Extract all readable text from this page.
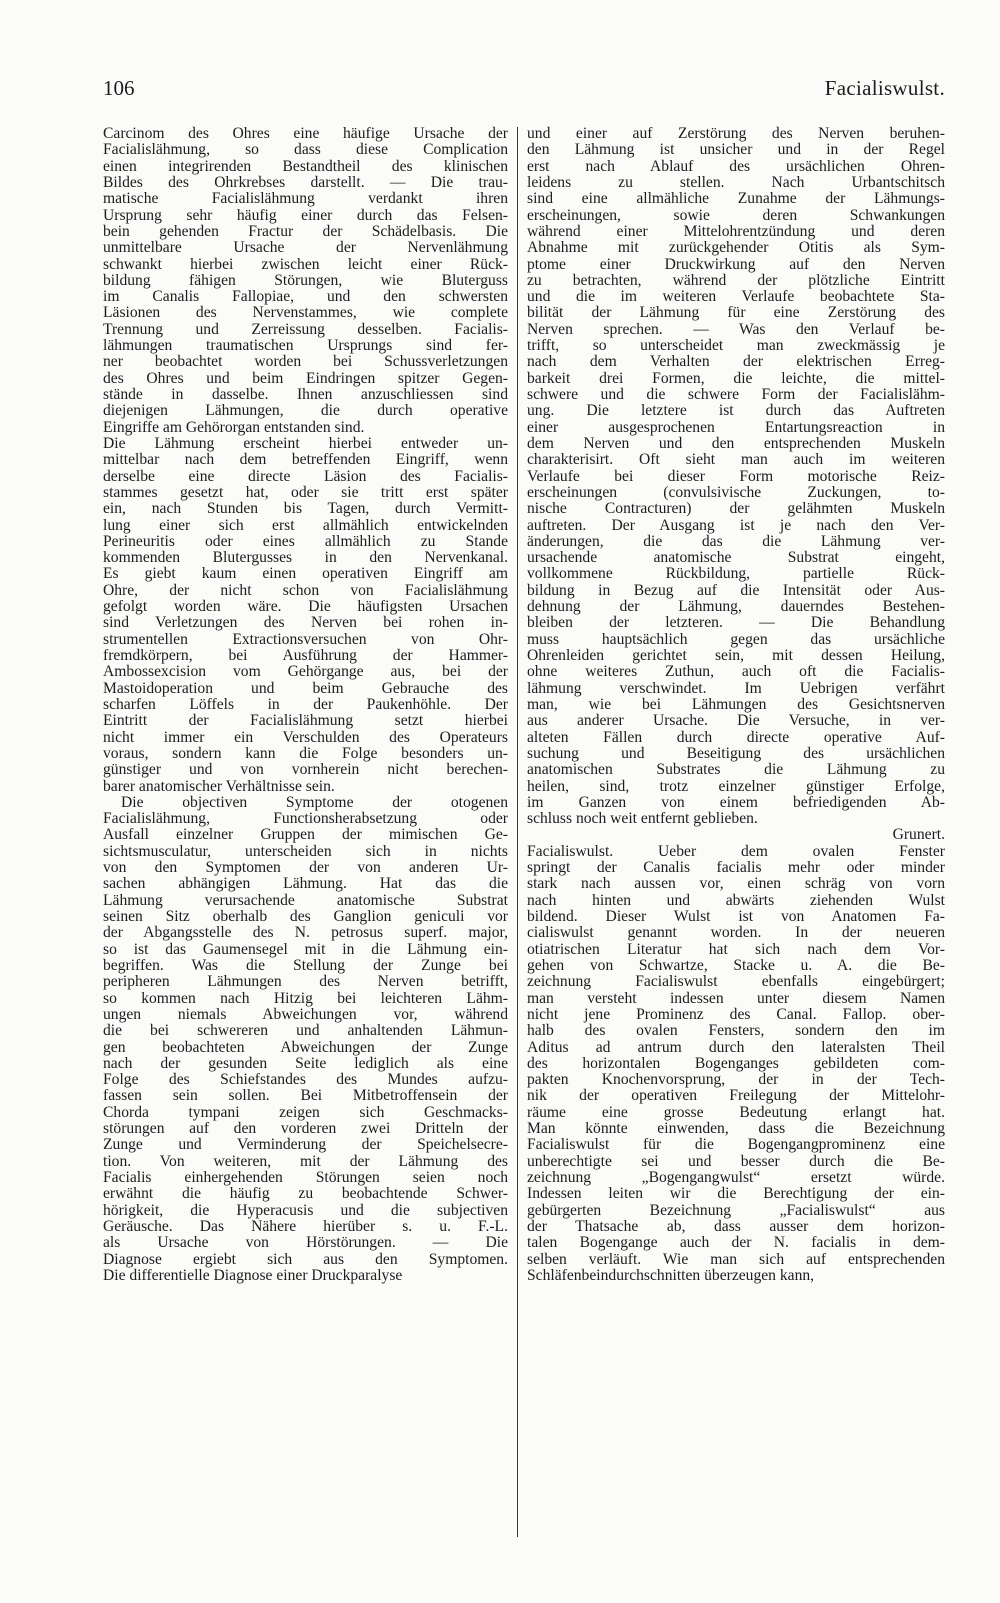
106	Facialiswulst.
Carcinom des Ohres eine häufige Ursache der
Facialislähmung, so dass diese Complication
einen integrirenden Bestandtheil des klinischen
Bildes des Ohrkrebses darstellt. — Die trau-
matische Facialislähmung verdankt ihren
Ursprung sehr häufig einer durch das Felsen-
bein gehenden Fractur der Schädelbasis. Die
unmittelbare Ursache der Nervenlähmung
schwankt hierbei zwischen leicht einer Rück-
bildung fähigen Störungen, wie Bluterguss
im Canalis Fallopiae, und den schwersten
Läsionen des Nervenstammes, wie complete
Trennung und Zerreissung desselben. Facialis-
lähmungen traumatischen Ursprungs sind fer-
ner beobachtet worden bei Schussverletzungen
des Ohres und beim Eindringen spitzer Gegen-
stände in dasselbe. Ihnen anzuschliessen sind
diejenigen Lähmungen, die durch operative
Eingriffe am Gehörorgan entstanden sind.
Die Lähmung erscheint hierbei entweder un-
mittelbar nach dem betreffenden Eingriff, wenn
derselbe eine directe Läsion des Facialis-
stammes gesetzt hat, oder sie tritt erst später
ein, nach Stunden bis Tagen, durch Vermitt-
lung einer sich erst allmählich entwickelnden
Perineuritis oder eines allmählich zu Stande
kommenden Blutergusses in den Nervenkanal.
Es giebt kaum einen operativen Eingriff am
Ohre, der nicht schon von Facialislähmung
gefolgt worden wäre. Die häufigsten Ursachen
sind Verletzungen des Nerven bei rohen in-
strumentellen Extractionsversuchen von Ohr-
fremdkörpern, bei Ausführung der Hammer-
Ambossexcision vom Gehörgange aus, bei der
Mastoidoperation und beim Gebrauche des
scharfen Löffels in der Paukenhöhle. Der
Eintritt der Facialislähmung setzt hierbei
nicht immer ein Verschulden des Operateurs
voraus, sondern kann die Folge besonders un-
günstiger und von vornherein nicht berechen-
barer anatomischer Verhältnisse sein.
Die objectiven Symptome der otogenen
Facialislähmung, Functionsherabsetzung oder
Ausfall einzelner Gruppen der mimischen Ge-
sichtsmusculatur, unterscheiden sich in nichts
von den Symptomen der von anderen Ur-
sachen abhängigen Lähmung. Hat das die
Lähmung verursachende anatomische Substrat
seinen Sitz oberhalb des Ganglion geniculi vor
der Abgangsstelle des N. petrosus superf. major,
so ist das Gaumensegel mit in die Lähmung ein-
begriffen. Was die Stellung der Zunge bei
peripheren Lähmungen des Nerven betrifft,
so kommen nach Hitzig bei leichteren Lähm-
ungen niemals Abweichungen vor, während
die bei schwereren und anhaltenden Lähmun-
gen beobachteten Abweichungen der Zunge
nach der gesunden Seite lediglich als eine
Folge des Schiefstandes des Mundes aufzu-
fassen sein sollen. Bei Mitbetroffensein der
Chorda tympani zeigen sich Geschmacks-
störungen auf den vorderen zwei Dritteln der
Zunge und Verminderung der Speichelsecre-
tion. Von weiteren, mit der Lähmung des
Facialis einhergehenden Störungen seien noch
erwähnt die häufig zu beobachtende Schwer-
hörigkeit, die Hyperacusis und die subjectiven
Geräusche. Das Nähere hierüber s. u. F.-L.
als Ursache von Hörstörungen. — Die
Diagnose ergiebt sich aus den Symptomen.
Die differentielle Diagnose einer Druckparalyse
und einer auf Zerstörung des Nerven beruhen-
den Lähmung ist unsicher und in der Regel
erst nach Ablauf des ursächlichen Ohren-
leidens zu stellen. Nach Urbantschitsch
sind eine allmähliche Zunahme der Lähmungs-
erscheinungen, sowie deren Schwankungen
während einer Mittelohrentzündung und deren
Abnahme mit zurückgehender Otitis als Sym-
ptome einer Druckwirkung auf den Nerven
zu betrachten, während der plötzliche Eintritt
und die im weiteren Verlaufe beobachtete Sta-
bilität der Lähmung für eine Zerstörung des
Nerven sprechen. — Was den Verlauf be-
trifft, so unterscheidet man zweckmässig je
nach dem Verhalten der elektrischen Erreg-
barkeit drei Formen, die leichte, die mittel-
schwere und die schwere Form der Facialislähm-
ung. Die letztere ist durch das Auftreten
einer ausgesprochenen Entartungsreaction in
dem Nerven und den entsprechenden Muskeln
charakterisirt. Oft sieht man auch im weiteren
Verlaufe bei dieser Form motorische Reiz-
erscheinungen (convulsivische Zuckungen, to-
nische Contracturen) der gelähmten Muskeln
auftreten. Der Ausgang ist je nach den Ver-
änderungen, die das die Lähmung ver-
ursachende anatomische Substrat eingeht,
vollkommene Rückbildung, partielle Rück-
bildung in Bezug auf die Intensität oder Aus-
dehnung der Lähmung, dauerndes Bestehen-
bleiben der letzteren. — Die Behandlung
muss hauptsächlich gegen das ursächliche
Ohrenleiden gerichtet sein, mit dessen Heilung,
ohne weiteres Zuthun, auch oft die Facialis-
lähmung verschwindet. Im Uebrigen verfährt
man, wie bei Lähmungen des Gesichtsnerven
aus anderer Ursache. Die Versuche, in ver-
alteten Fällen durch directe operative Auf-
suchung und Beseitigung des ursächlichen
anatomischen Substrates die Lähmung zu
heilen, sind, trotz einzelner günstiger Erfolge,
im Ganzen von einem befriedigenden Ab-
schluss noch weit entfernt geblieben.
Grunert.
Facialiswulst. Ueber dem ovalen Fenster
springt der Canalis facialis mehr oder minder
stark nach aussen vor, einen schräg von vorn
nach hinten und abwärts ziehenden Wulst
bildend. Dieser Wulst ist von Anatomen Fa-
cialiswulst genannt worden. In der neueren
otiatrischen Literatur hat sich nach dem Vor-
gehen von Schwartze, Stacke u. A. die Be-
zeichnung Facialiswulst ebenfalls eingebürgert;
man versteht indessen unter diesem Namen
nicht jene Prominenz des Canal. Fallop. ober-
halb des ovalen Fensters, sondern den im
Aditus ad antrum durch den lateralsten Theil
des horizontalen Bogenganges gebildeten com-
pakten Knochenvorsprung, der in der Tech-
nik der operativen Freilegung der Mittelohr-
räume eine grosse Bedeutung erlangt hat.
Man könnte einwenden, dass die Bezeichnung
Facialiswulst für die Bogengangprominenz eine
unberechtigte sei und besser durch die Be-
zeichnung „Bogengangwulst“ ersetzt würde.
Indessen leiten wir die Berechtigung der ein-
gebürgerten Bezeichnung „Facialiswulst“ aus
der Thatsache ab, dass ausser dem horizon-
talen Bogengange auch der N. facialis in dem-
selben verläuft. Wie man sich auf entsprechenden
Schläfenbeindurchschnitten überzeugen kann,
